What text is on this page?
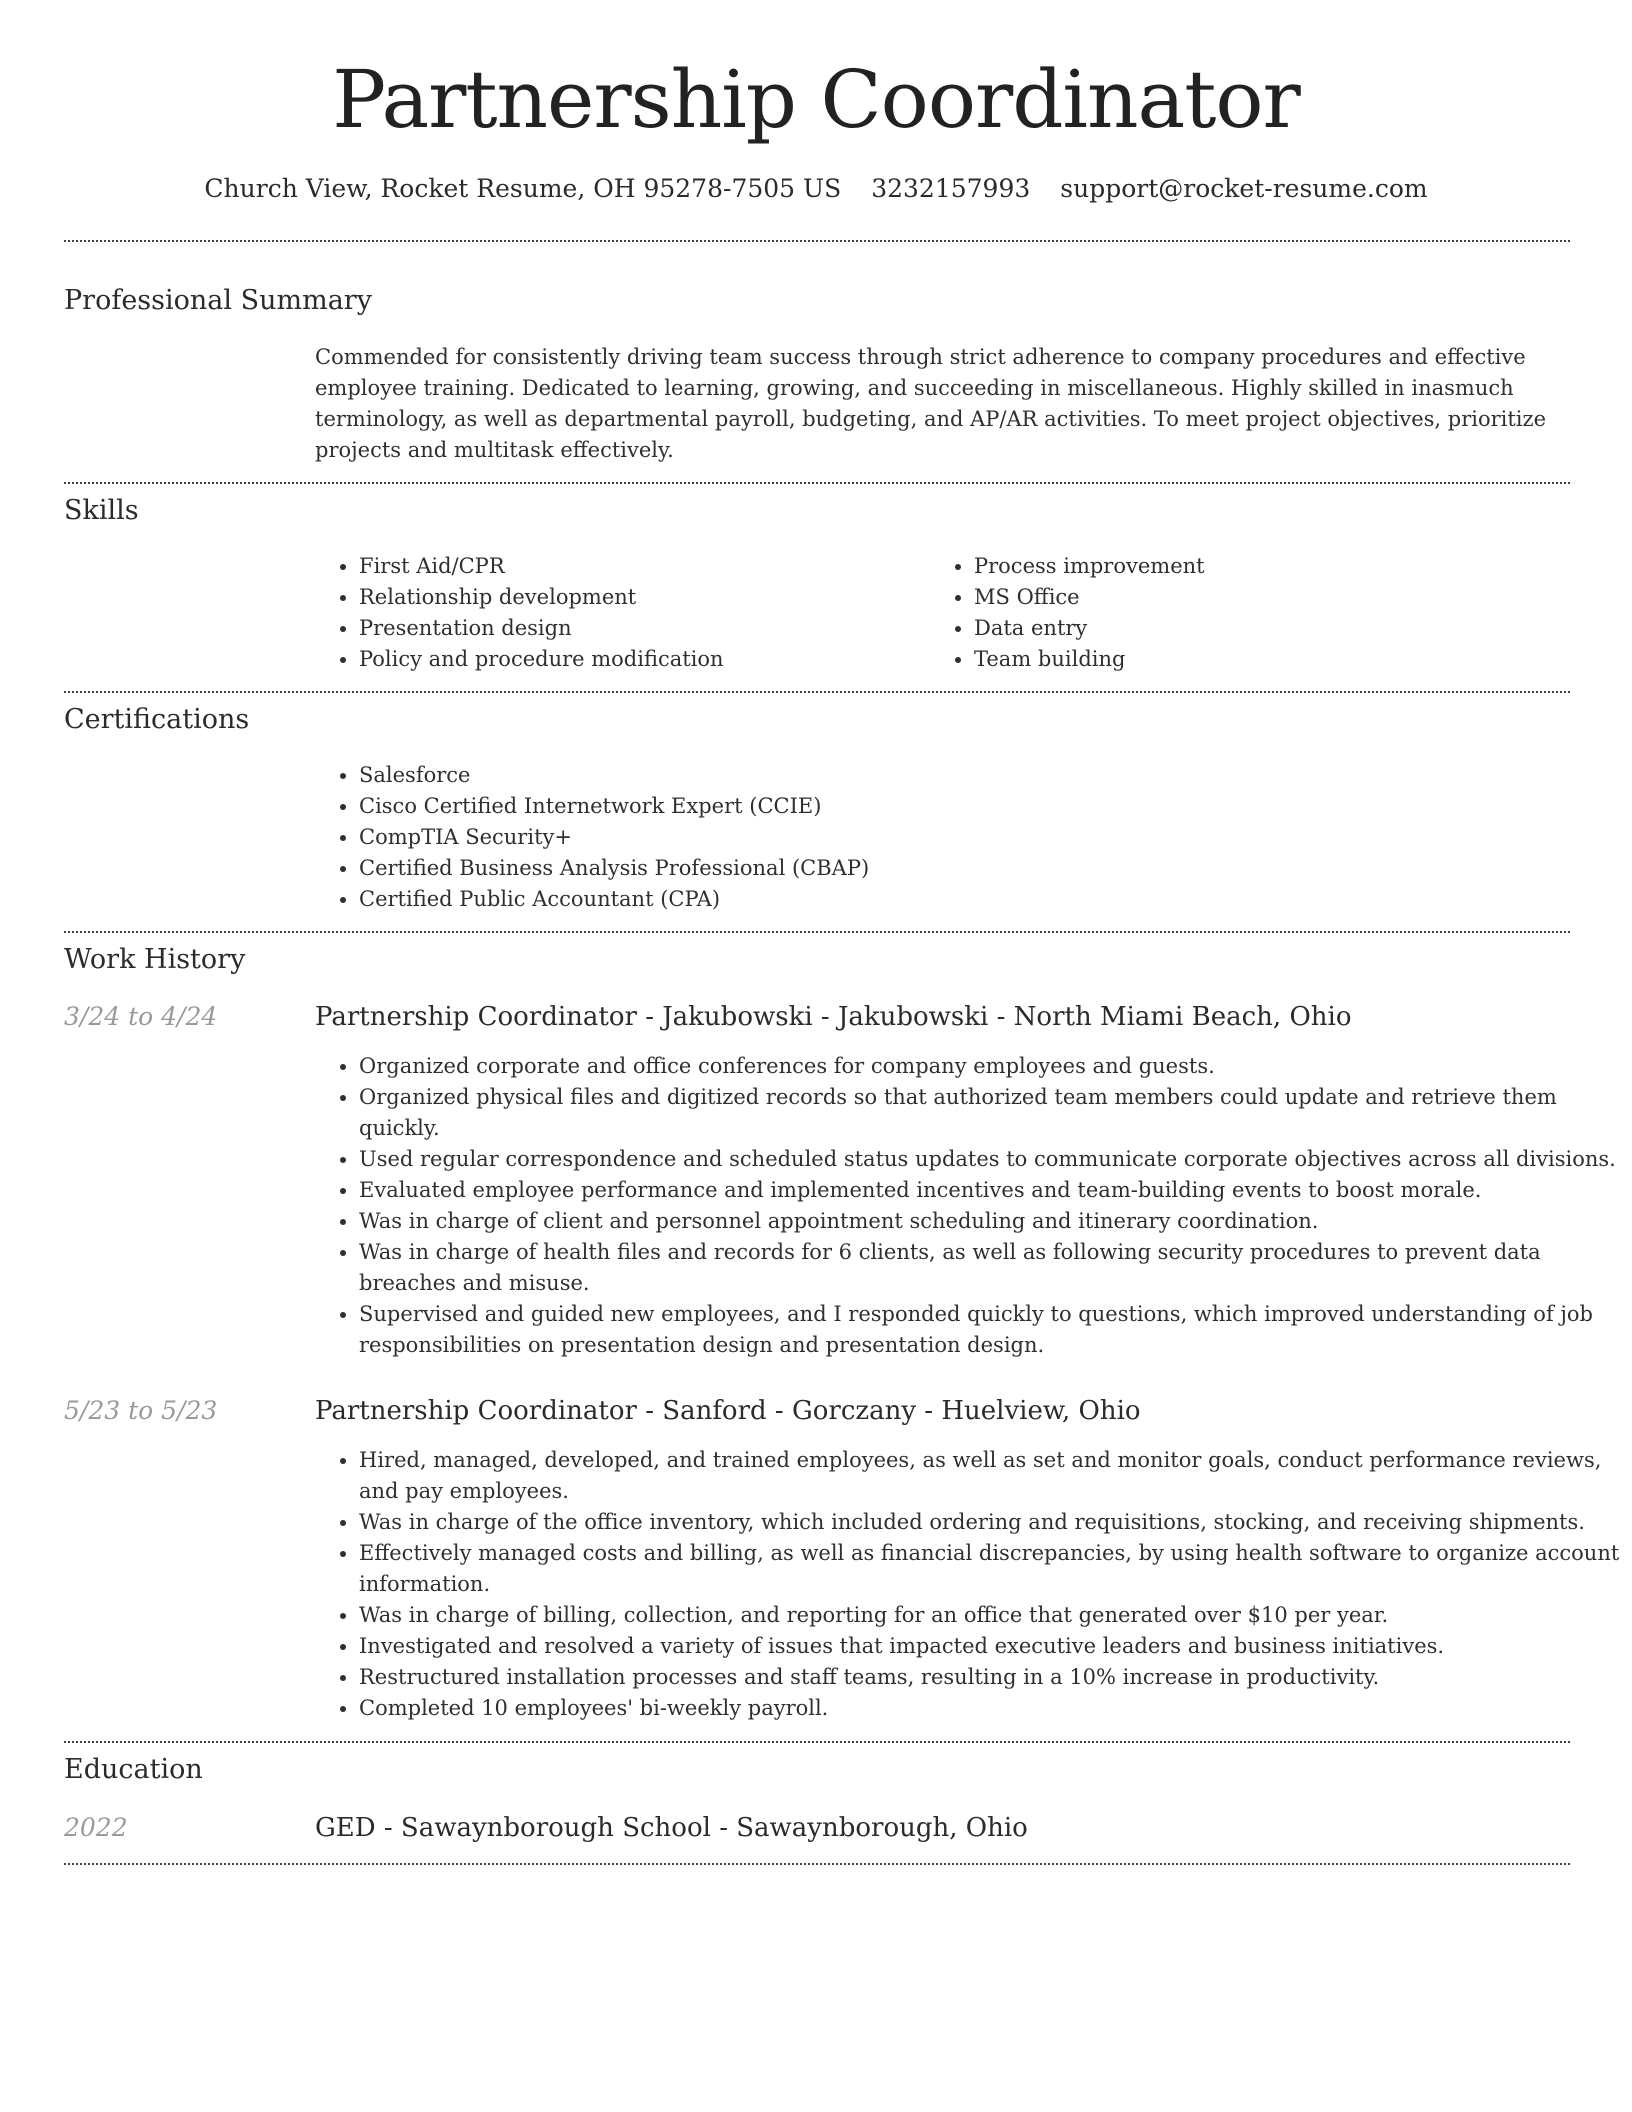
Partnership Coordinator
Church View, Rocket Resume, OH 95278-7505 US 3232157993 support@rocket-resume.com
Professional Summary

Commended for consistently driving team success through strict adherence to company procedures and effective employee training. Dedicated to learning, growing, and succeeding in miscellaneous. Highly skilled in inasmuch terminology, as well as departmental payroll, budgeting, and AP/AR activities. To meet project objectives, prioritize projects and multitask effectively.

Skills
• First Aid/CPR
• Relationship development
• Presentation design
• Policy and procedure modification
• Process improvement
• MS Office
• Data entry
• Team building
Certifications
• Salesforce
• Cisco Certified Internetwork Expert (CCIE)
• CompTIA Security+
• Certified Business Analysis Professional (CBAP)
• Certified Public Accountant (CPA)
Work History
3/24 to 4/24	Partnership Coordinator - Jakubowski - Jakubowski - North Miami Beach, Ohio
• Organized corporate and office conferences for company employees and guests.
• Organized physical files and digitized records so that authorized team members could update and retrieve them quickly.
• Used regular correspondence and scheduled status updates to communicate corporate objectives across all divisions.
• Evaluated employee performance and implemented incentives and team-building events to boost morale.
• Was in charge of client and personnel appointment scheduling and itinerary coordination.
• Was in charge of health files and records for 6 clients, as well as following security procedures to prevent data breaches and misuse.
• Supervised and guided new employees, and I responded quickly to questions, which improved understanding of job responsibilities on presentation design and presentation design.
5/23 to 5/23	Partnership Coordinator - Sanford - Gorczany - Huelview, Ohio
• Hired, managed, developed, and trained employees, as well as set and monitor goals, conduct performance reviews, and pay employees.
• Was in charge of the office inventory, which included ordering and requisitions, stocking, and receiving shipments.
• Effectively managed costs and billing, as well as financial discrepancies, by using health software to organize account information.
• Was in charge of billing, collection, and reporting for an office that generated over $10 per year.
• Investigated and resolved a variety of issues that impacted executive leaders and business initiatives.
• Restructured installation processes and staff teams, resulting in a 10% increase in productivity.
• Completed 10 employees' bi-weekly payroll.
Education
2022	GED - Sawaynborough School - Sawaynborough, Ohio
